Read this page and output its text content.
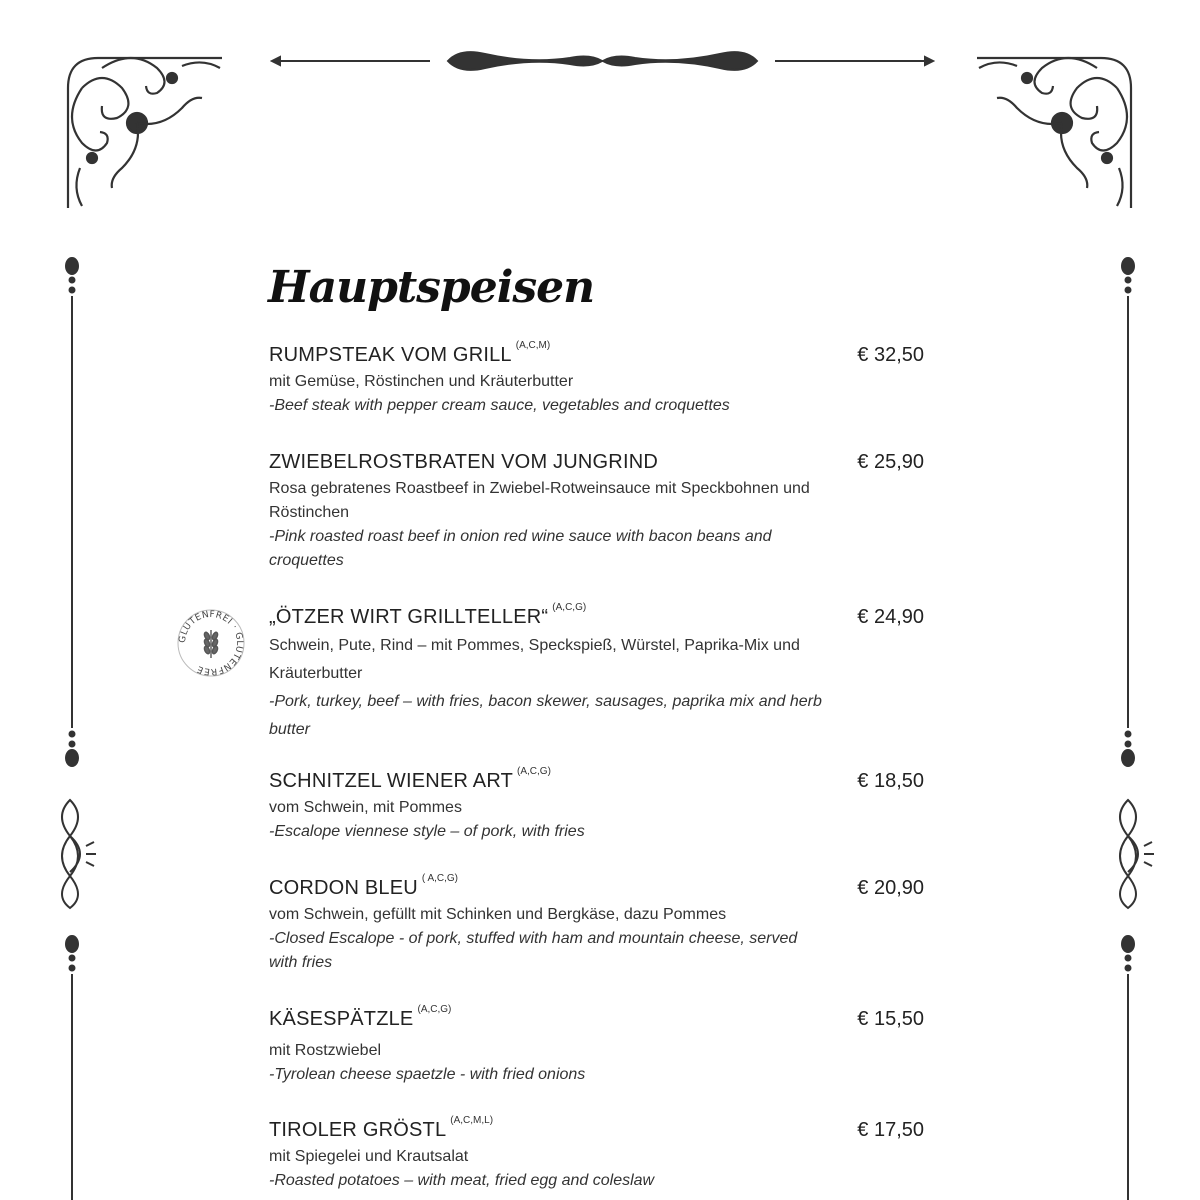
Hauptspeisen
GLUTENFREI · GLUTENFREE
RUMPSTEAK VOM GRILL $^{(A,C,M)}$	€ 32,50
mit Gemüse, Röstinchen und Kräuterbutter
-Beef steak with pepper cream sauce, vegetables and croquettes
ZWIEBELROSTBRATEN VOM JUNGRIND	€ 25,90
Rosa gebratenes Roastbeef in Zwiebel-Rotweinsauce mit Speckbohnen und Röstinchen
-Pink roasted roast beef in onion red wine sauce with bacon beans and croquettes
„ÖTZER WIRT GRILLTELLER“ $^{(A,C,G)}$	€ 24,90
Schwein, Pute, Rind – mit Pommes, Speckspieß, Würstel, Paprika-Mix und Kräuterbutter
-Pork, turkey, beef – with fries, bacon skewer, sausages, paprika mix and herb butter
SCHNITZEL WIENER ART $^{(A,C,G)}$	€ 18,50
vom Schwein, mit Pommes
-Escalope viennese style – of pork, with fries
CORDON BLEU $^{( A,C,G)}$	€ 20,90
vom Schwein, gefüllt mit Schinken und Bergkäse, dazu Pommes
-Closed Escalope - of pork, stuffed with ham and mountain cheese, served with fries
KÄSESPÄTZLE $^{(A,C,G)}$	€ 15,50
mit Rostzwiebel
-Tyrolean cheese spaetzle - with fried onions
TIROLER GRÖSTL $^{(A,C,M,L)}$	€ 17,50
mit Spiegelei und Krautsalat
-Roasted potatoes – with meat, fried egg and coleslaw
